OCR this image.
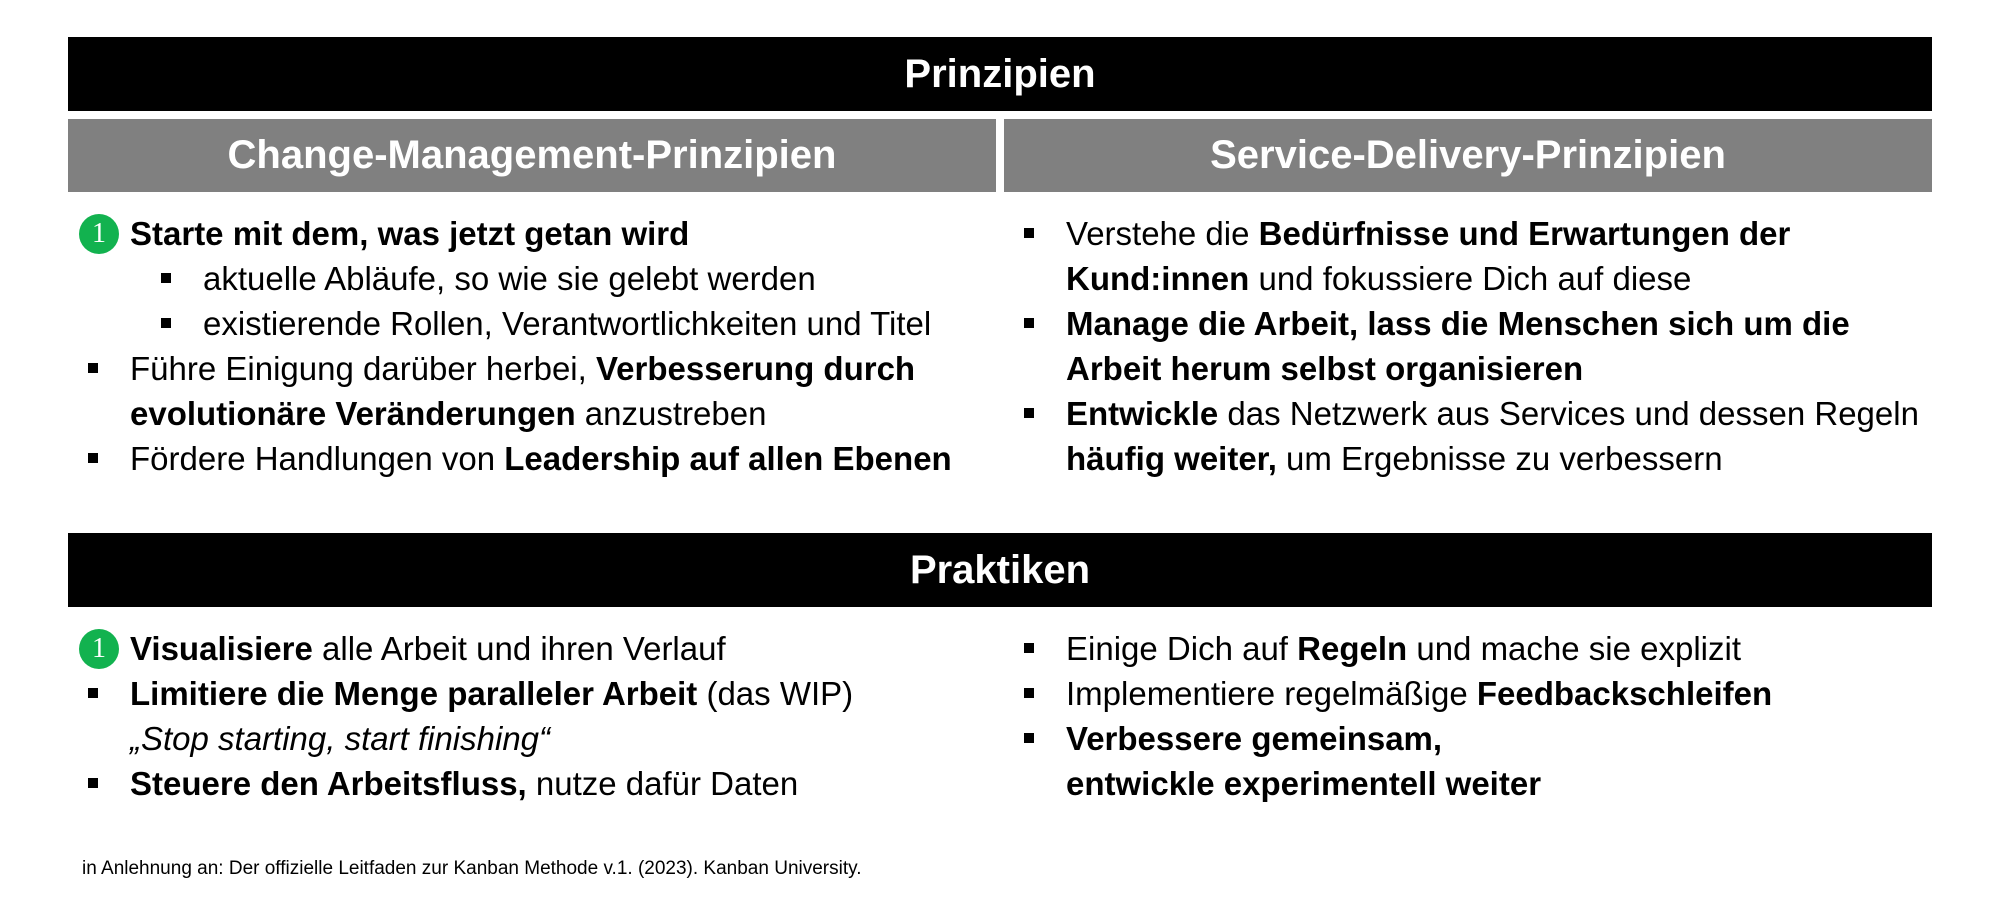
Prinzipien
Change-Management-Prinzipien	Service-Delivery-Prinzipien
1 Starte mit dem, was jetzt getan wird
aktuelle Abläufe, so wie sie gelebt werden
existierende Rollen, Verantwortlichkeiten und Titel
Führe Einigung darüber herbei, Verbesserung durch evolutionäre Veränderungen anzustreben
Fördere Handlungen von Leadership auf allen Ebenen
Verstehe die Bedürfnisse und Erwartungen der Kund:innen und fokussiere Dich auf diese
Manage die Arbeit, lass die Menschen sich um die Arbeit herum selbst organisieren
Entwickle das Netzwerk aus Services und dessen Regeln häufig weiter, um Ergebnisse zu verbessern
Praktiken
1 Visualisiere alle Arbeit und ihren Verlauf
Limitiere die Menge paralleler Arbeit (das WIP)
„Stop starting, start finishing“
Steuere den Arbeitsfluss, nutze dafür Daten
Einige Dich auf Regeln und mache sie explizit
Implementiere regelmäßige Feedbackschleifen
Verbessere gemeinsam,
entwickle experimentell weiter
in Anlehnung an: Der offizielle Leitfaden zur Kanban Methode v.1. (2023). Kanban University.
